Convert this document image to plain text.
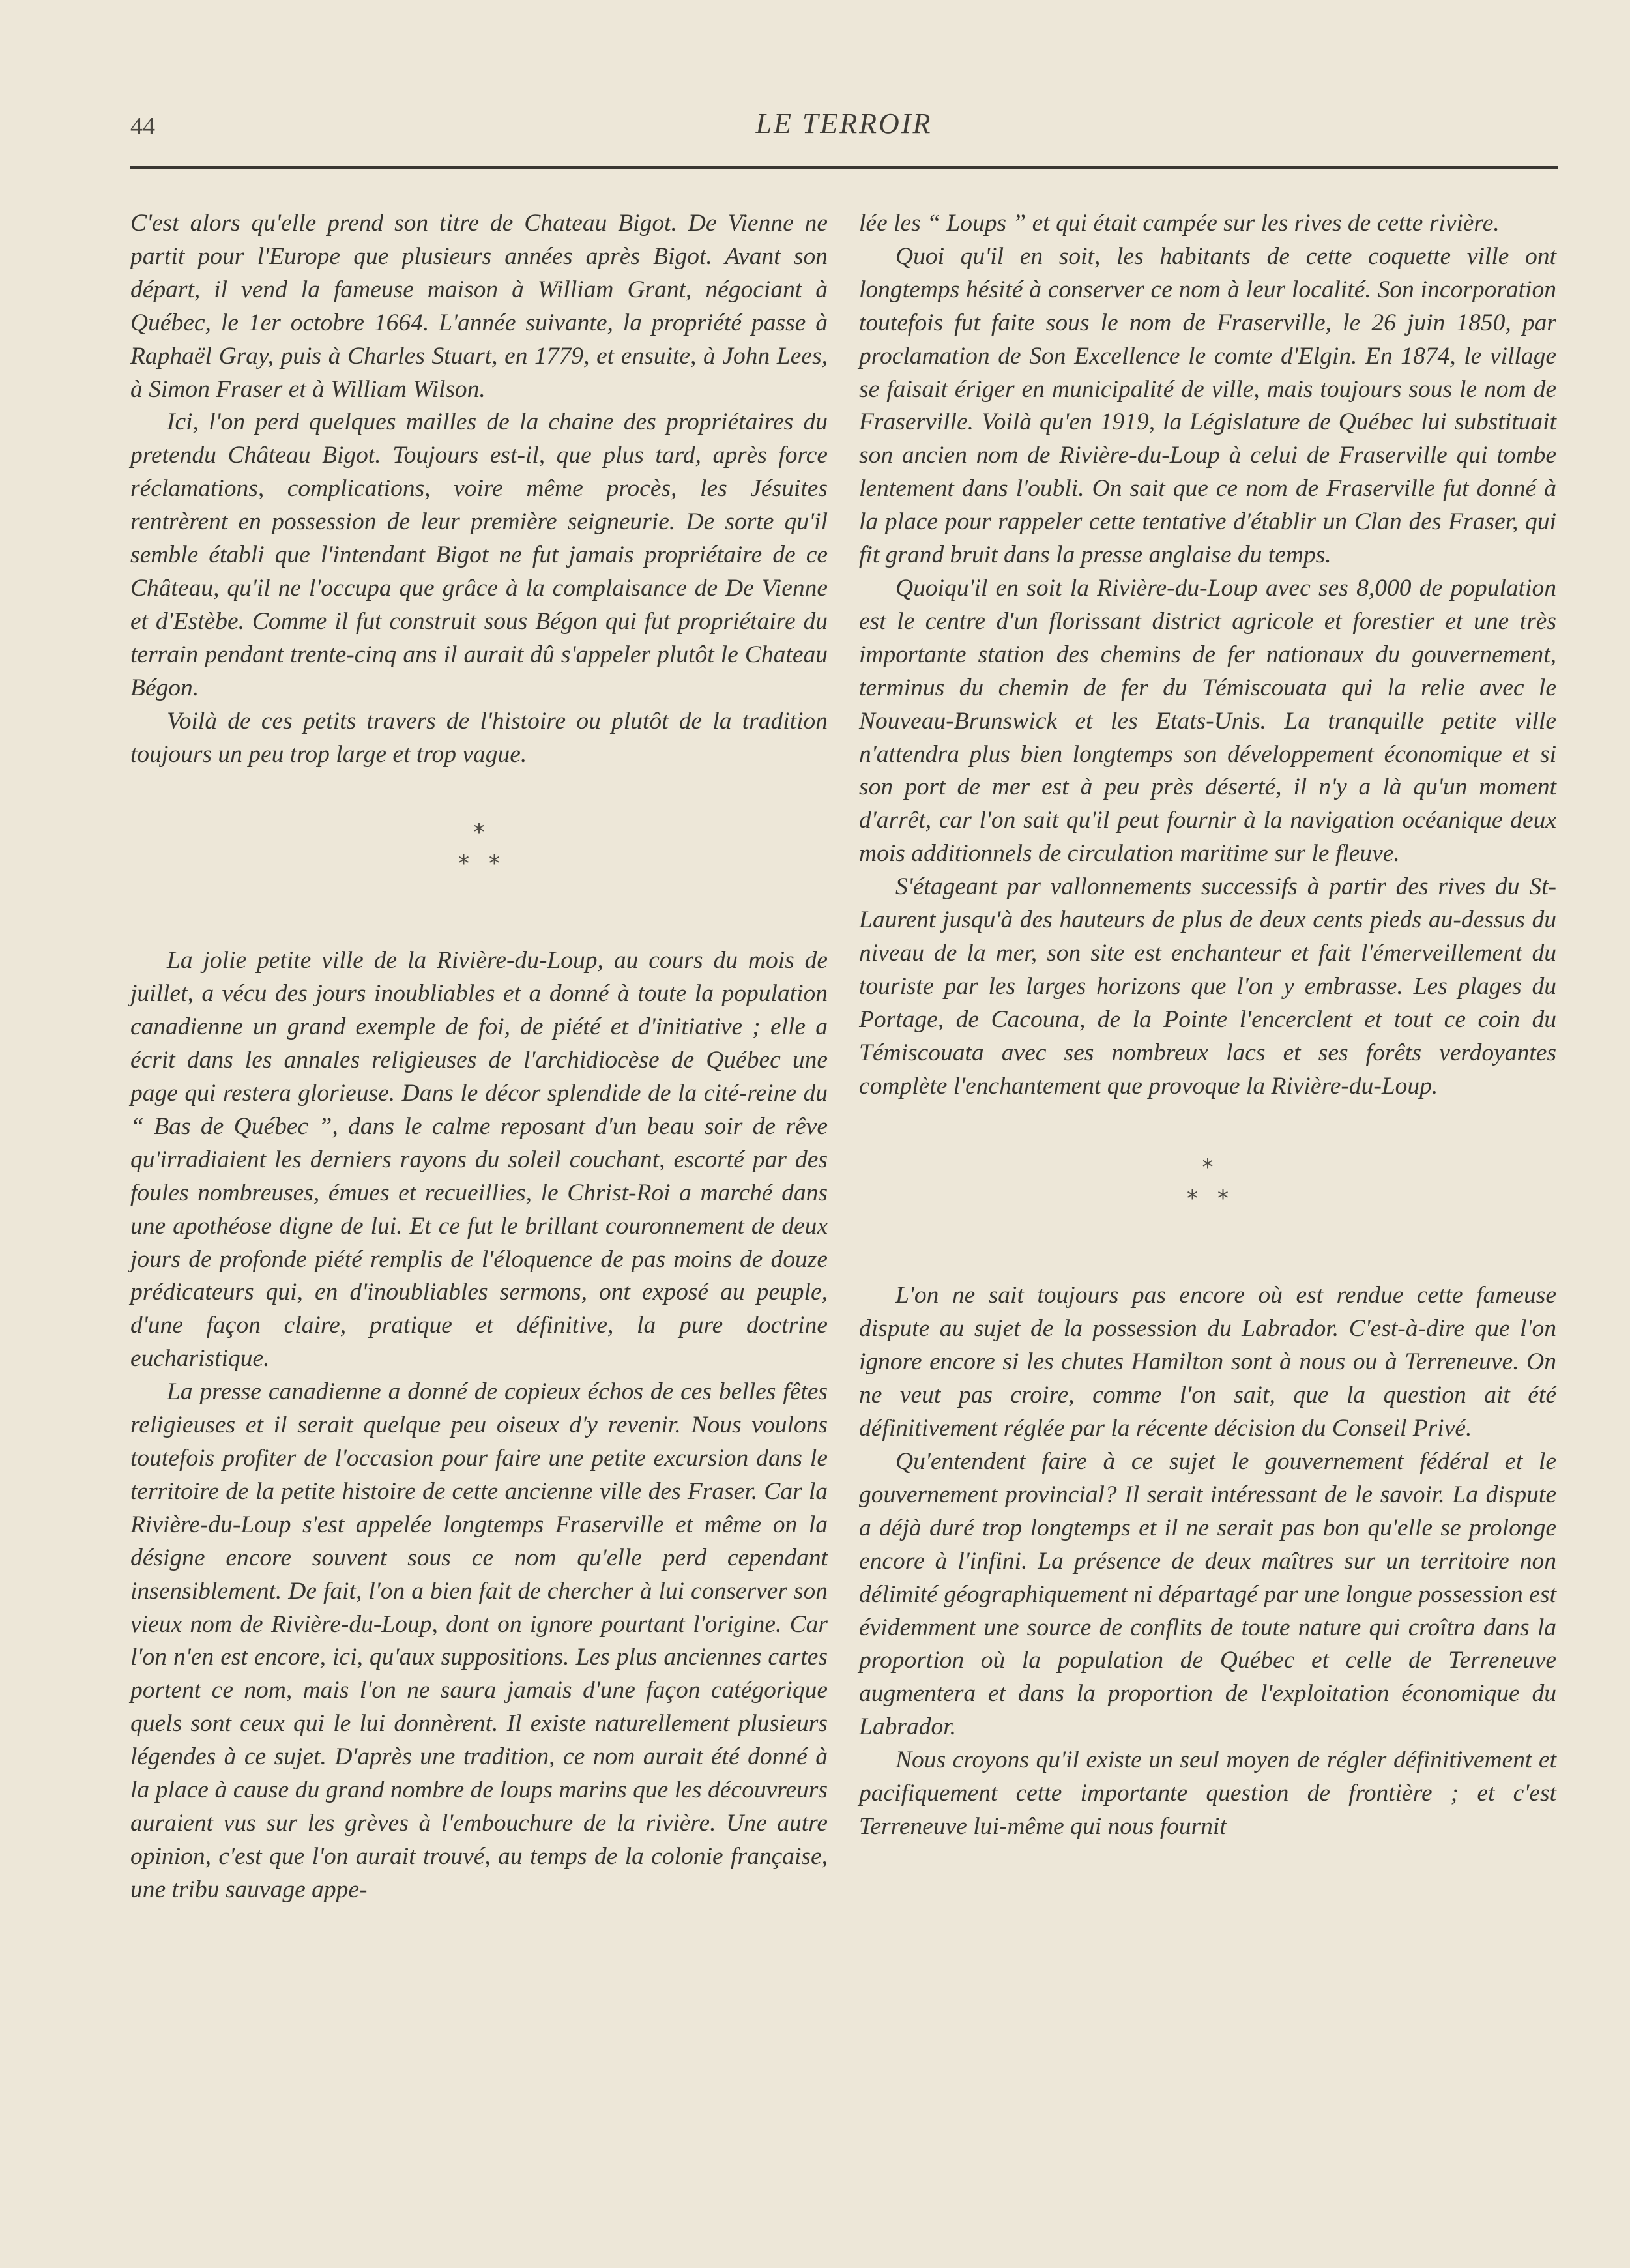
44	LE TERROIR

C'est alors qu'elle prend son titre de Chateau Bigot. De Vienne ne partit pour l'Europe que plusieurs années après Bigot. Avant son départ, il vend la fameuse maison à William Grant, négociant à Québec, le 1er octobre 1664. L'année suivante, la propriété passe à Raphaël Gray, puis à Charles Stuart, en 1779, et ensuite, à John Lees, à Simon Fraser et à William Wilson.

Ici, l'on perd quelques mailles de la chaine des propriétaires du pretendu Château Bigot. Toujours est-il, que plus tard, après force réclamations, complications, voire même procès, les Jésuites rentrèrent en possession de leur première seigneurie. De sorte qu'il semble établi que l'intendant Bigot ne fut jamais propriétaire de ce Château, qu'il ne l'occupa que grâce à la complaisance de De Vienne et d'Estèbe. Comme il fut construit sous Bégon qui fut propriétaire du terrain pendant trente-cinq ans il aurait dû s'appeler plutôt le Chateau Bégon.

Voilà de ces petits travers de l'histoire ou plutôt de la tradition toujours un peu trop large et trop vague.

*
* *

La jolie petite ville de la Rivière-du-Loup, au cours du mois de juillet, a vécu des jours inoubliables et a donné à toute la population canadienne un grand exemple de foi, de piété et d'initiative ; elle a écrit dans les annales religieuses de l'archidiocèse de Québec une page qui restera glorieuse. Dans le décor splendide de la cité-reine du “ Bas de Québec ”, dans le calme reposant d'un beau soir de rêve qu'irradiaient les derniers rayons du soleil couchant, escorté par des foules nombreuses, émues et recueillies, le Christ-Roi a marché dans une apothéose digne de lui. Et ce fut le brillant couronnement de deux jours de profonde piété remplis de l'éloquence de pas moins de douze prédicateurs qui, en d'inoubliables sermons, ont exposé au peuple, d'une façon claire, pratique et définitive, la pure doctrine eucharistique.

La presse canadienne a donné de copieux échos de ces belles fêtes religieuses et il serait quelque peu oiseux d'y revenir. Nous voulons toutefois profiter de l'occasion pour faire une petite excursion dans le territoire de la petite histoire de cette ancienne ville des Fraser. Car la Rivière-du-Loup s'est appelée longtemps Fraserville et même on la désigne encore souvent sous ce nom qu'elle perd cependant insensiblement. De fait, l'on a bien fait de chercher à lui conserver son vieux nom de Rivière-du-Loup, dont on ignore pourtant l'origine. Car l'on n'en est encore, ici, qu'aux suppositions. Les plus anciennes cartes portent ce nom, mais l'on ne saura jamais d'une façon catégorique quels sont ceux qui le lui donnèrent. Il existe naturellement plusieurs légendes à ce sujet. D'après une tradition, ce nom aurait été donné à la place à cause du grand nombre de loups marins que les découvreurs auraient vus sur les grèves à l'embouchure de la rivière. Une autre opinion, c'est que l'on aurait trouvé, au temps de la colonie française, une tribu sauvage appe-

lée les “ Loups ” et qui était campée sur les rives de cette rivière.

Quoi qu'il en soit, les habitants de cette coquette ville ont longtemps hésité à conserver ce nom à leur localité. Son incorporation toutefois fut faite sous le nom de Fraserville, le 26 juin 1850, par proclamation de Son Excellence le comte d'Elgin. En 1874, le village se faisait ériger en municipalité de ville, mais toujours sous le nom de Fraserville. Voilà qu'en 1919, la Législature de Québec lui substituait son ancien nom de Rivière-du-Loup à celui de Fraserville qui tombe lentement dans l'oubli. On sait que ce nom de Fraserville fut donné à la place pour rappeler cette tentative d'établir un Clan des Fraser, qui fit grand bruit dans la presse anglaise du temps.

Quoiqu'il en soit la Rivière-du-Loup avec ses 8,000 de population est le centre d'un florissant district agricole et forestier et une très importante station des chemins de fer nationaux du gouvernement, terminus du chemin de fer du Témiscouata qui la relie avec le Nouveau-Brunswick et les Etats-Unis. La tranquille petite ville n'attendra plus bien longtemps son développement économique et si son port de mer est à peu près déserté, il n'y a là qu'un moment d'arrêt, car l'on sait qu'il peut fournir à la navigation océanique deux mois additionnels de circulation maritime sur le fleuve.

S'étageant par vallonnements successifs à partir des rives du St-Laurent jusqu'à des hauteurs de plus de deux cents pieds au-dessus du niveau de la mer, son site est enchanteur et fait l'émerveillement du touriste par les larges horizons que l'on y embrasse. Les plages du Portage, de Cacouna, de la Pointe l'encerclent et tout ce coin du Témiscouata avec ses nombreux lacs et ses forêts verdoyantes complète l'enchantement que provoque la Rivière-du-Loup.

*
* *

L'on ne sait toujours pas encore où est rendue cette fameuse dispute au sujet de la possession du Labrador. C'est-à-dire que l'on ignore encore si les chutes Hamilton sont à nous ou à Terreneuve. On ne veut pas croire, comme l'on sait, que la question ait été définitivement réglée par la récente décision du Conseil Privé.

Qu'entendent faire à ce sujet le gouvernement fédéral et le gouvernement provincial? Il serait intéressant de le savoir. La dispute a déjà duré trop longtemps et il ne serait pas bon qu'elle se prolonge encore à l'infini. La présence de deux maîtres sur un territoire non délimité géographiquement ni départagé par une longue possession est évidemment une source de conflits de toute nature qui croîtra dans la proportion où la population de Québec et celle de Terreneuve augmentera et dans la proportion de l'exploitation économique du Labrador.

Nous croyons qu'il existe un seul moyen de régler définitivement et pacifiquement cette importante question de frontière ; et c'est Terreneuve lui-même qui nous fournit
